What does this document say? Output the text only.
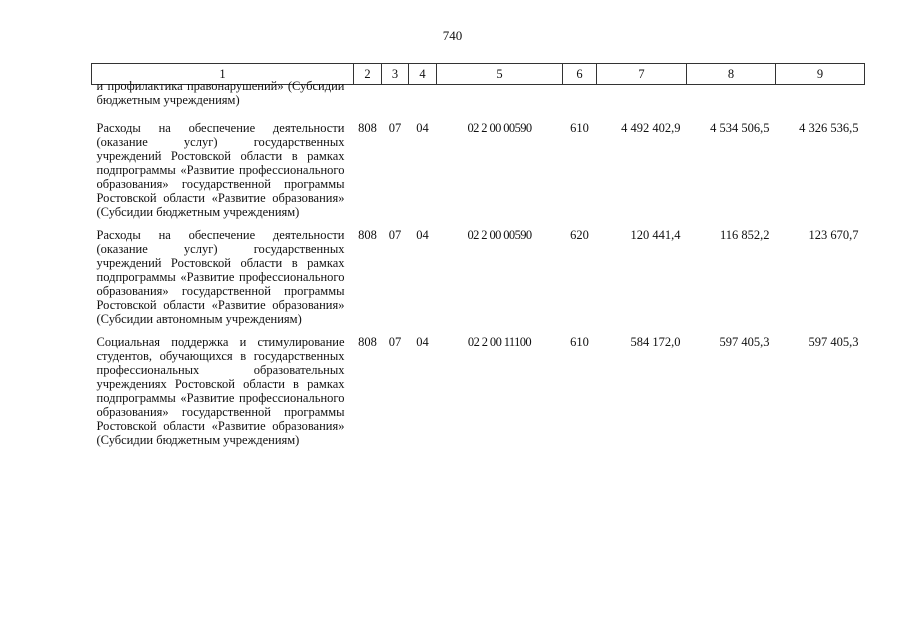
740
1	2	3	4	5	6	7	8	9

и профилактика правонарушений» (Субсидии бюджетным учреждениям)								

Расходы на обеспечение деятельности (оказание услуг) государственных учреждений Ростовской области в рамках подпрограммы «Развитие профессионального образования» государственной программы Ростовской области «Развитие образования» (Субсидии бюджетным учреждениям)	808	07	04	02 2 00 00590	610	4 492 402,9	4 534 506,5	4 326 536,5
Расходы на обеспечение деятельности (оказание услуг) государственных учреждений Ростовской области в рамках подпрограммы «Развитие профессионального образования» государственной программы Ростовской области «Развитие образования» (Субсидии автономным учреждениям)	808	07	04	02 2 00 00590	620	120 441,4	116 852,2	123 670,7
Социальная поддержка и стимулирование студентов, обучающихся в государственных профессиональных образовательных учреждениях Ростовской области в рамках подпрограммы «Развитие профессионального образования» государственной программы Ростовской области «Развитие образования» (Субсидии бюджетным учреждениям)	808	07	04	02 2 00 11100	610	584 172,0	597 405,3	597 405,3
